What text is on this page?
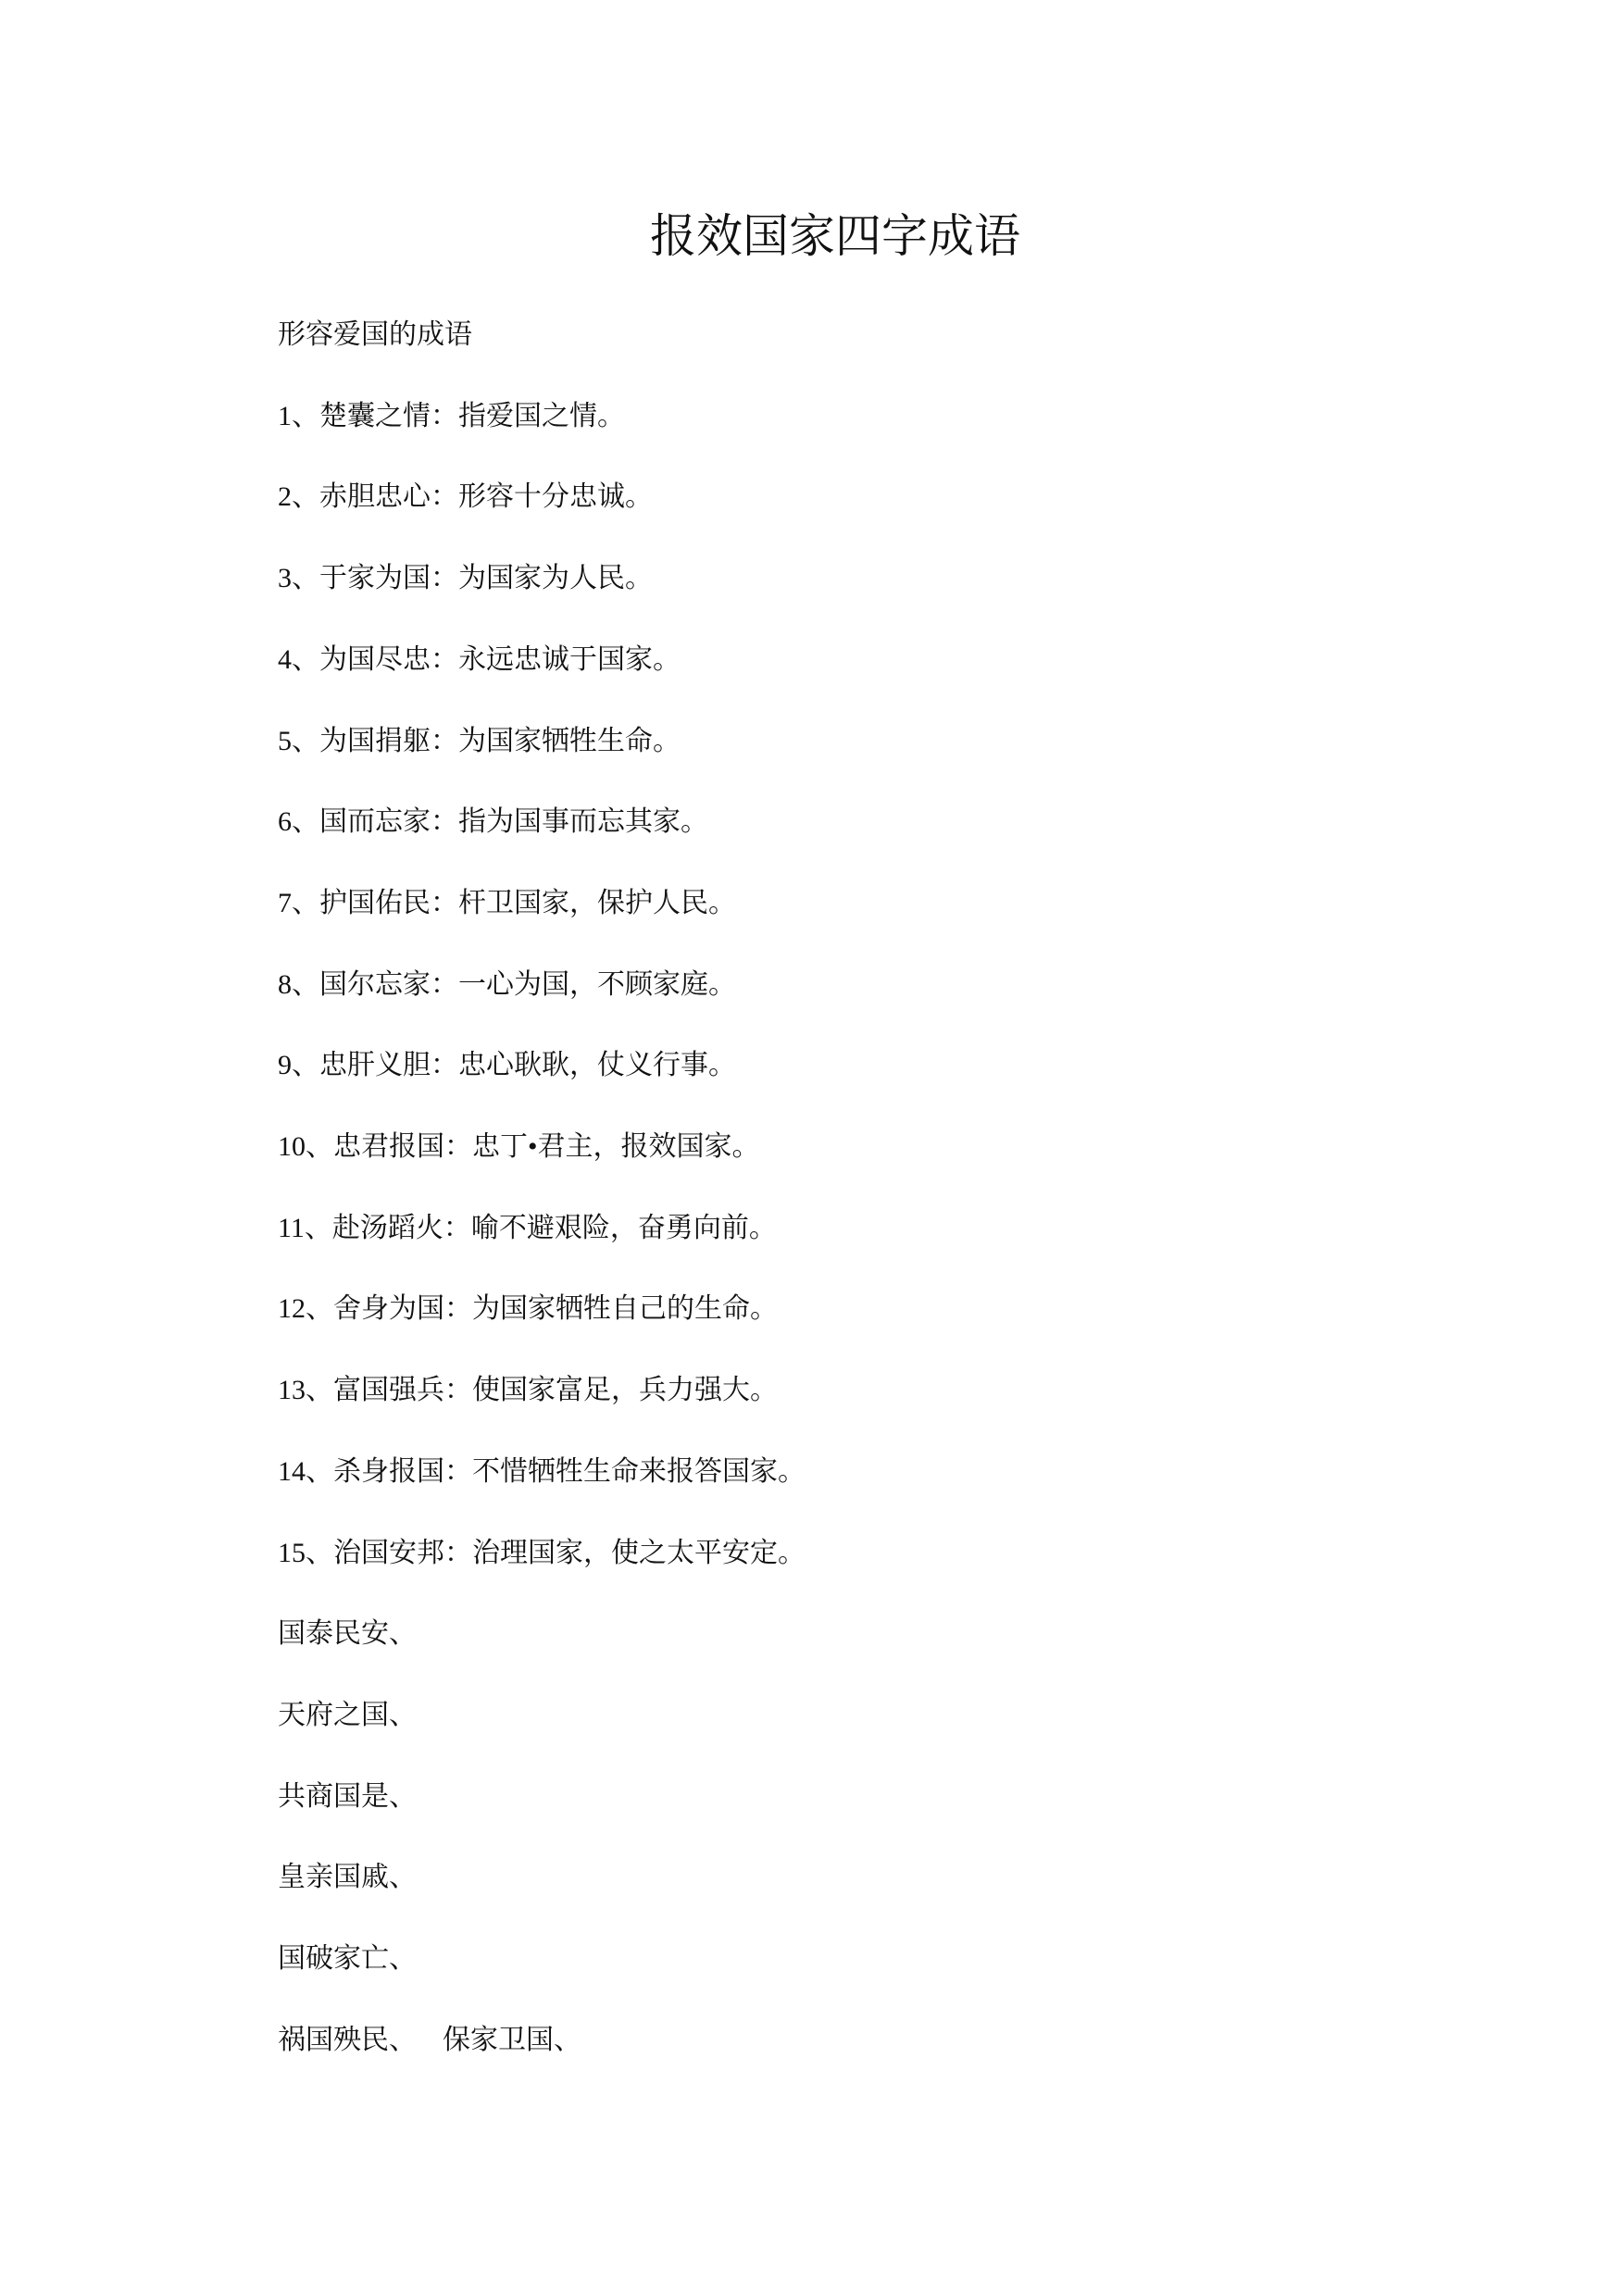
报效国家四字成语

形容爱国的成语

1、楚囊之情：指爱国之情。

2、赤胆忠心：形容十分忠诚。

3、于家为国：为国家为人民。

4、为国尽忠：永远忠诚于国家。

5、为国捐躯：为国家牺牲生命。

6、国而忘家：指为国事而忘其家。

7、护国佑民：杆卫国家，保护人民。

8、国尔忘家：一心为国，不顾家庭。

9、忠肝义胆：忠心耿耿，仗义行事。

10、忠君报国：忠丁•君主，报效国家。

11、赴汤蹈火：喻不避艰险，奋勇向前。

12、舍身为国：为国家牺牲自己的生命。

13、富国强兵：使国家富足，兵力强大。

14、杀身报国：不惜牺牲生命来报答国家。

15、治国安邦：治理国家，使之太平安定。

国泰民安、

天府之国、

共商国是、

皇亲国戚、

国破家亡、

祸国殃民、 保家卫国、
